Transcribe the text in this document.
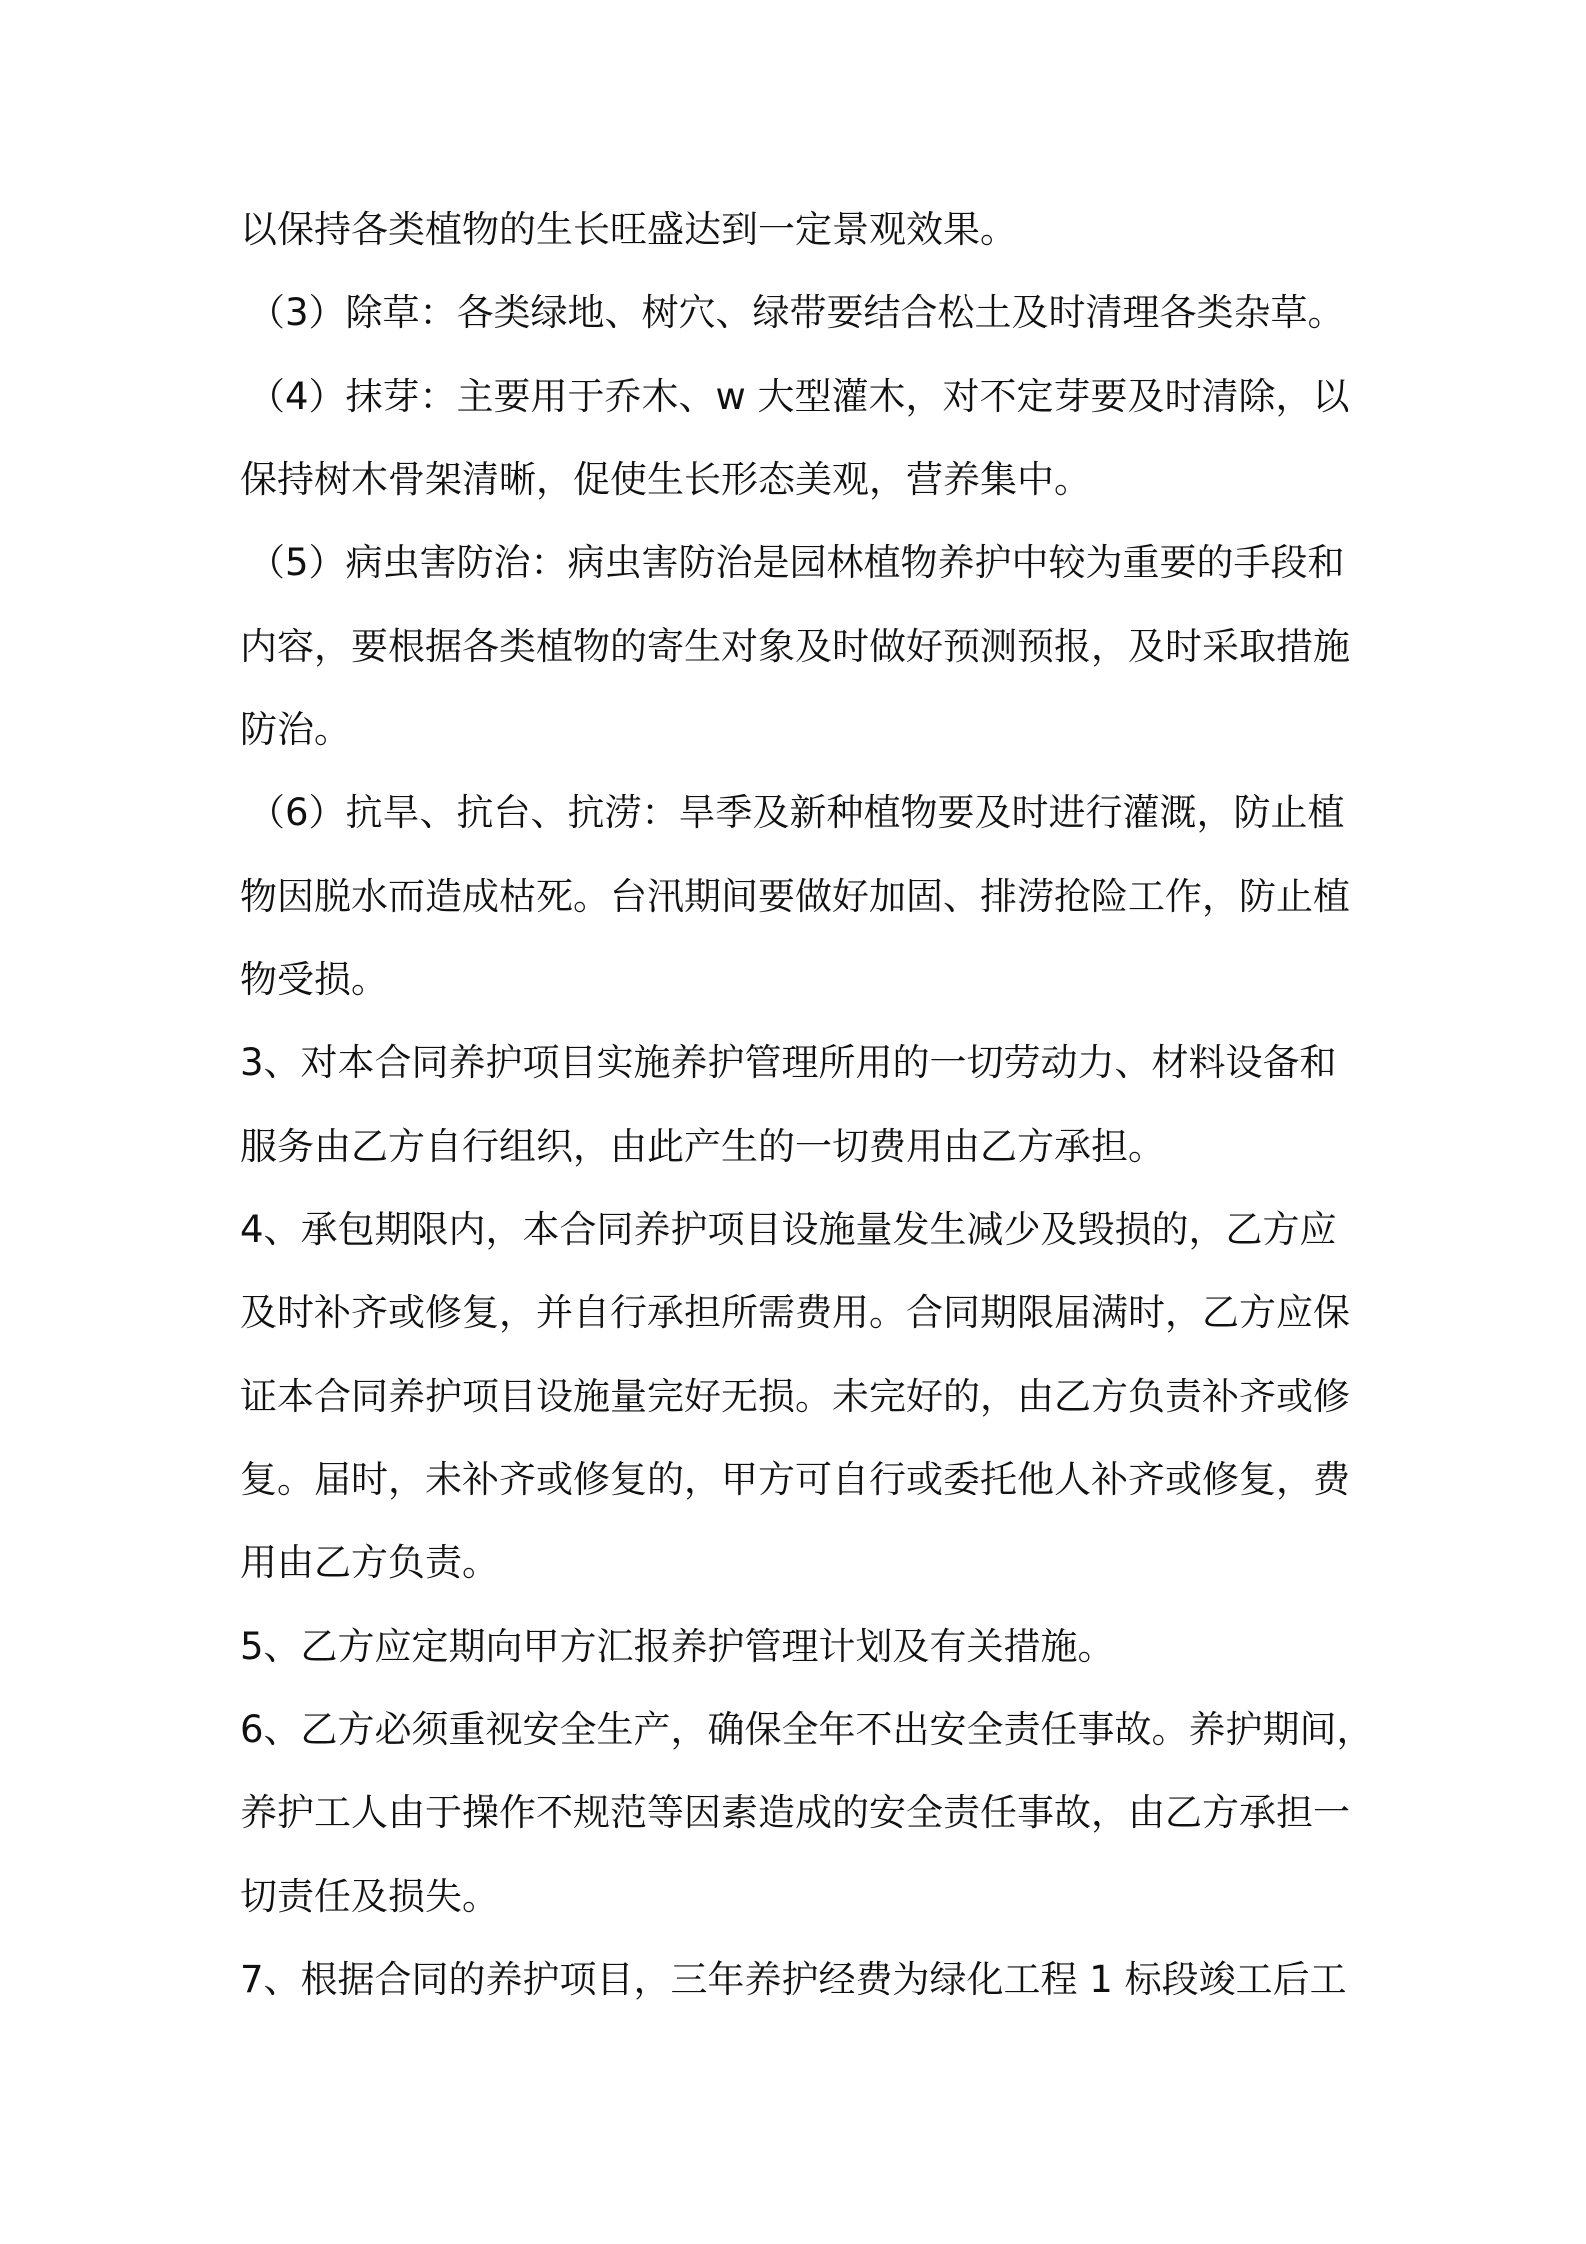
以保持各类植物的生长旺盛达到一定景观效果。
（3）除草：各类绿地、树穴、绿带要结合松土及时清理各类杂草。
（4）抹芽：主要用于乔木、w 大型灌木，对不定芽要及时清除，以
保持树木骨架清晰，促使生长形态美观，营养集中。
（5）病虫害防治：病虫害防治是园林植物养护中较为重要的手段和
内容，要根据各类植物的寄生对象及时做好预测预报，及时采取措施
防治。
（6）抗旱、抗台、抗涝：旱季及新种植物要及时进行灌溉，防止植
物因脱水而造成枯死。台汛期间要做好加固、排涝抢险工作，防止植
物受损。
3、对本合同养护项目实施养护管理所用的一切劳动力、材料设备和
服务由乙方自行组织，由此产生的一切费用由乙方承担。
4、承包期限内，本合同养护项目设施量发生减少及毁损的，乙方应
及时补齐或修复，并自行承担所需费用。合同期限届满时，乙方应保
证本合同养护项目设施量完好无损。未完好的，由乙方负责补齐或修
复。届时，未补齐或修复的，甲方可自行或委托他人补齐或修复，费
用由乙方负责。
5、乙方应定期向甲方汇报养护管理计划及有关措施。
6、乙方必须重视安全生产，确保全年不出安全责任事故。养护期间，
养护工人由于操作不规范等因素造成的安全责任事故，由乙方承担一
切责任及损失。
7、根据合同的养护项目，三年养护经费为绿化工程 1 标段竣工后工
